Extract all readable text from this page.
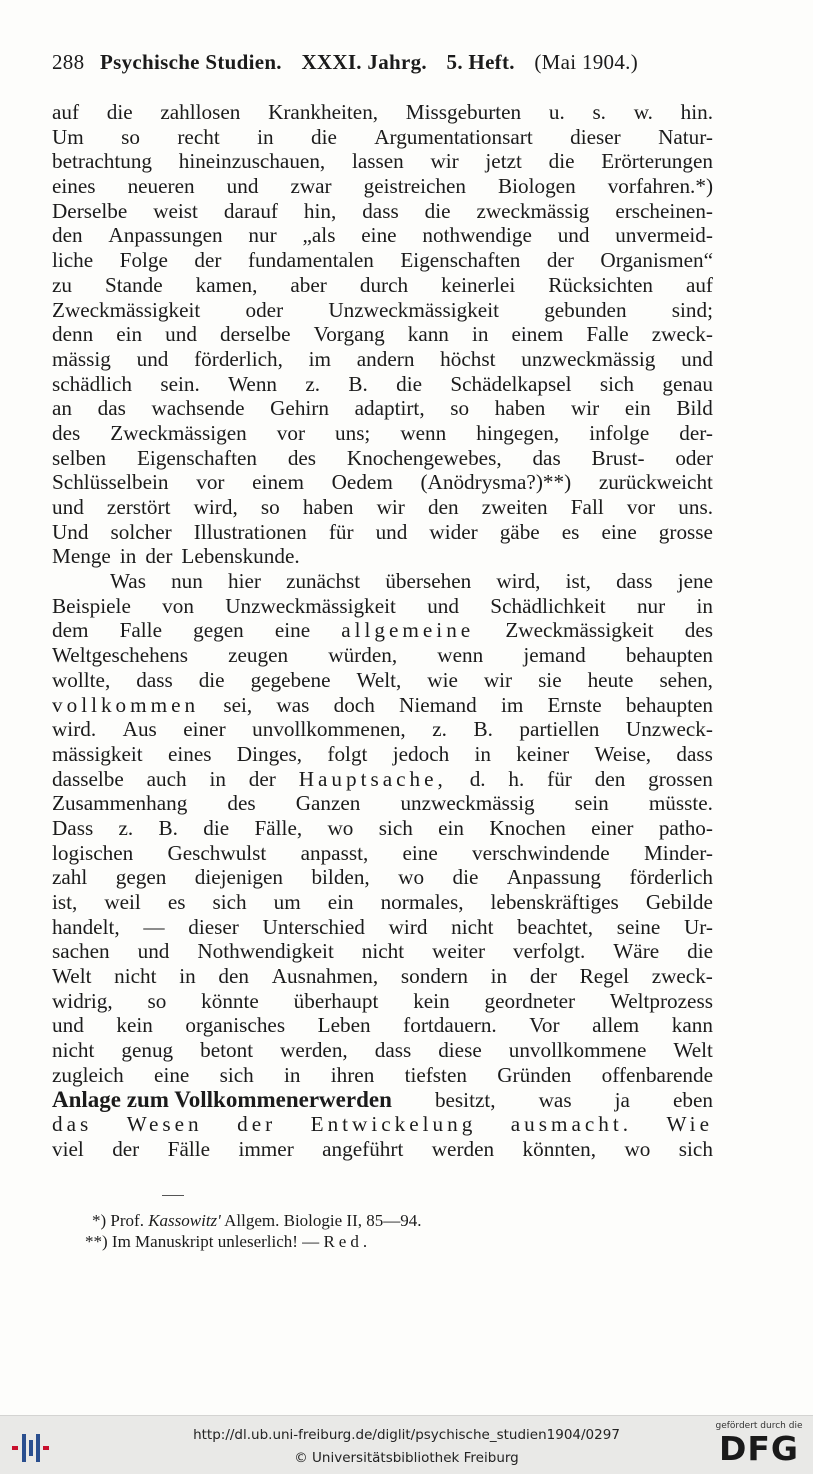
288 Psychische Studien. XXXI. Jahrg. 5. Heft. (Mai 1904.)
auf die zahllosen Krankheiten, Missgeburten u. s. w. hin.
Um so recht in die Argumentationsart dieser Natur-
betrachtung hineinzuschauen, lassen wir jetzt die Erörterungen
eines neueren und zwar geistreichen Biologen vorfahren.*)
Derselbe weist darauf hin, dass die zweckmässig erscheinen-
den Anpassungen nur „als eine nothwendige und unvermeid-
liche Folge der fundamentalen Eigenschaften der Organismen“
zu Stande kamen, aber durch keinerlei Rücksichten auf
Zweckmässigkeit oder Unzweckmässigkeit gebunden sind;
denn ein und derselbe Vorgang kann in einem Falle zweck-
mässig und förderlich, im andern höchst unzweckmässig und
schädlich sein. Wenn z. B. die Schädelkapsel sich genau
an das wachsende Gehirn adaptirt, so haben wir ein Bild
des Zweckmässigen vor uns; wenn hingegen, infolge der-
selben Eigenschaften des Knochengewebes, das Brust- oder
Schlüsselbein vor einem Oedem (Anödrysma?)**) zurückweicht
und zerstört wird, so haben wir den zweiten Fall vor uns.
Und solcher Illustrationen für und wider gäbe es eine grosse
Menge in der Lebenskunde.
Was nun hier zunächst übersehen wird, ist, dass jene
Beispiele von Unzweckmässigkeit und Schädlichkeit nur in
dem Falle gegen eine allgemeine Zweckmässigkeit des
Weltgeschehens zeugen würden, wenn jemand behaupten
wollte, dass die gegebene Welt, wie wir sie heute sehen,
vollkommen sei, was doch Niemand im Ernste behaupten
wird. Aus einer unvollkommenen, z. B. partiellen Unzweck-
mässigkeit eines Dinges, folgt jedoch in keiner Weise, dass
dasselbe auch in der Hauptsache, d. h. für den grossen
Zusammenhang des Ganzen unzweckmässig sein müsste.
Dass z. B. die Fälle, wo sich ein Knochen einer patho-
logischen Geschwulst anpasst, eine verschwindende Minder-
zahl gegen diejenigen bilden, wo die Anpassung förderlich
ist, weil es sich um ein normales, lebenskräftiges Gebilde
handelt, — dieser Unterschied wird nicht beachtet, seine Ur-
sachen und Nothwendigkeit nicht weiter verfolgt. Wäre die
Welt nicht in den Ausnahmen, sondern in der Regel zweck-
widrig, so könnte überhaupt kein geordneter Weltprozess
und kein organisches Leben fortdauern. Vor allem kann
nicht genug betont werden, dass diese unvollkommene Welt
zugleich eine sich in ihren tiefsten Gründen offenbarende
Anlage zum Vollkommenerwerden besitzt, was ja eben
das Wesen der Entwickelung ausmacht. Wie
viel der Fälle immer angeführt werden könnten, wo sich
*) Prof. Kassowitz' Allgem. Biologie II, 85—94.
**) Im Manuskript unleserlich! — Red.
http://dl.ub.uni-freiburg.de/diglit/psychische_studien1904/0297
© Universitätsbibliothek Freiburg
gefördert durch die
DFG
